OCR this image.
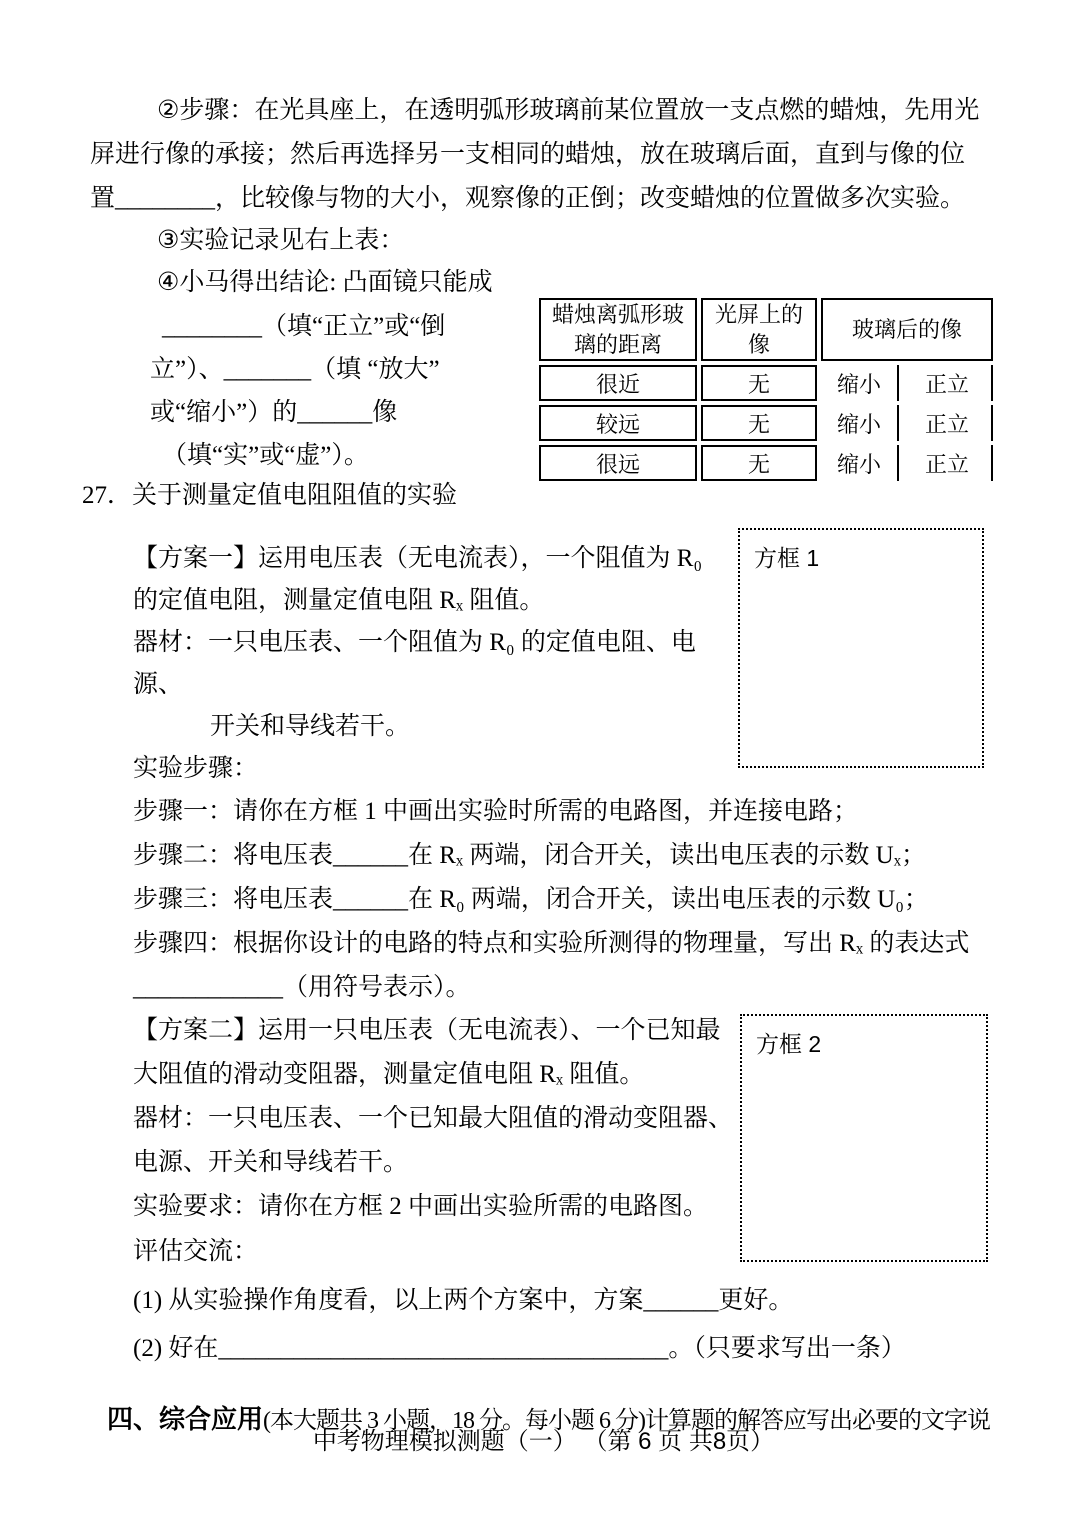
②步骤：在光具座上，在透明弧形玻璃前某位置放一支点燃的蜡烛，先用光
屏进行像的承接；然后再选择另一支相同的蜡烛，放在玻璃后面，直到与像的位
置________，比较像与物的大小，观察像的正倒；改变蜡烛的位置做多次实验。
③实验记录见右上表：
④小马得出结论: 凸面镜只能成
________（填“正立”或“倒
立”）、_______（填 “放大”
或“缩小”）的______像
（填“实”或“虚”）。
蜡烛离弧形玻璃的距离	光屏上的像	玻璃后的像	
很近	无	缩小	正立
较远	无	缩小	正立
很远	无	缩小	正立
27．关于测量定值电阻阻值的实验
【方案一】运用电压表（无电流表），一个阻值为 R₀
的定值电阻，测量定值电阻 Rₓ 阻值。
器材：一只电压表、一个阻值为 R₀ 的定值电阻、电
源、
开关和导线若干。
方框 1
实验步骤：
步骤一：请你在方框 1 中画出实验时所需的电路图，并连接电路；
步骤二：将电压表______在 Rₓ 两端，闭合开关，读出电压表的示数 Uₓ；
步骤三：将电压表______在 R₀ 两端，闭合开关，读出电压表的示数 U₀；
步骤四：根据你设计的电路的特点和实验所测得的物理量，写出 Rₓ 的表达式
____________（用符号表示）。
【方案二】运用一只电压表（无电流表）、一个已知最
大阻值的滑动变阻器，测量定值电阻 Rₓ 阻值。
器材：一只电压表、一个已知最大阻值的滑动变阻器、
电源、开关和导线若干。
实验要求：请你在方框 2 中画出实验所需的电路图。
评估交流：
方框 2
(1) 从实验操作角度看，以上两个方案中，方案______更好。
(2) 好在____________________________________。（只要求写出一条）

四、综合应用(本大题共 3 小题，18 分。每小题 6 分)计算题的解答应写出必要的文字说

中考物理模拟测题（一） （第 6 页 共8页）
